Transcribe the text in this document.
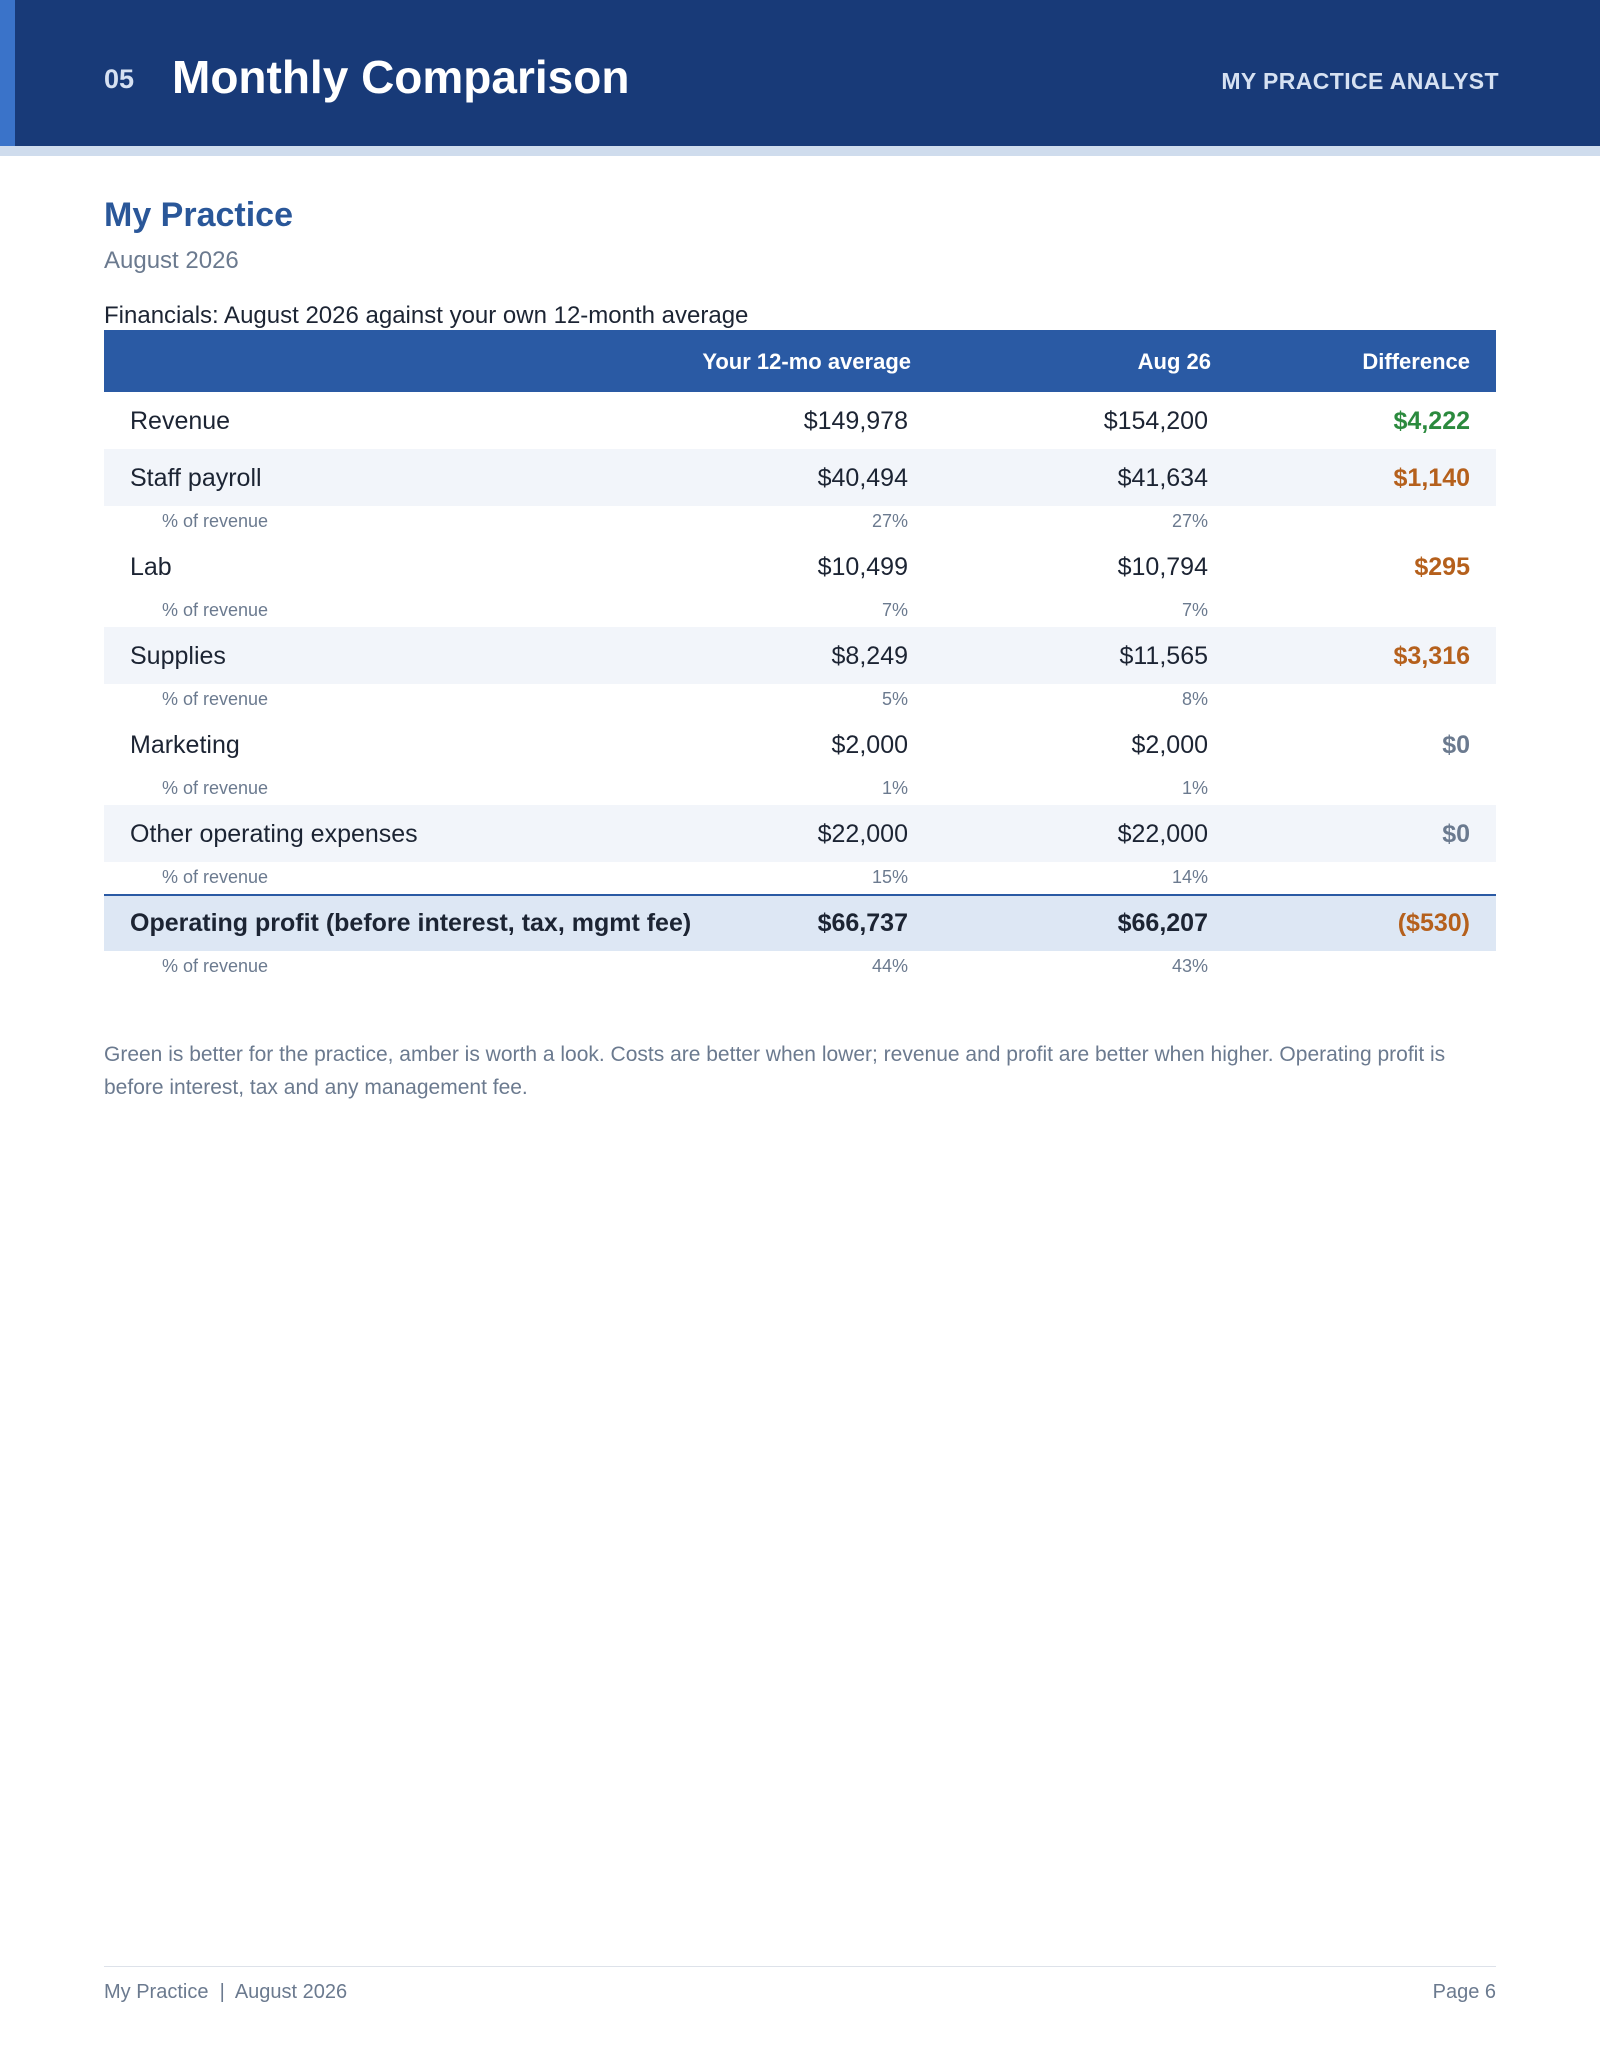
05 Monthly Comparison	MY PRACTICE ANALYST
My Practice
August 2026
Financials: August 2026 against your own 12-month average
Your 12-mo average	Aug 26	Difference
Revenue	$149,978	$154,200	$4,222
Staff payroll	$40,494	$41,634	$1,140
% of revenue	27%	27%
Lab	$10,499	$10,794	$295
% of revenue	7%	7%
Supplies	$8,249	$11,565	$3,316
% of revenue	5%	8%
Marketing	$2,000	$2,000	$0
% of revenue	1%	1%
Other operating expenses	$22,000	$22,000	$0
% of revenue	15%	14%
Operating profit (before interest, tax, mgmt fee)	$66,737	$66,207	($530)
% of revenue	44%	43%
Green is better for the practice, amber is worth a look. Costs are better when lower; revenue and profit are better when higher. Operating profit is before interest, tax and any management fee.
My Practice | August 2026	Page 6
